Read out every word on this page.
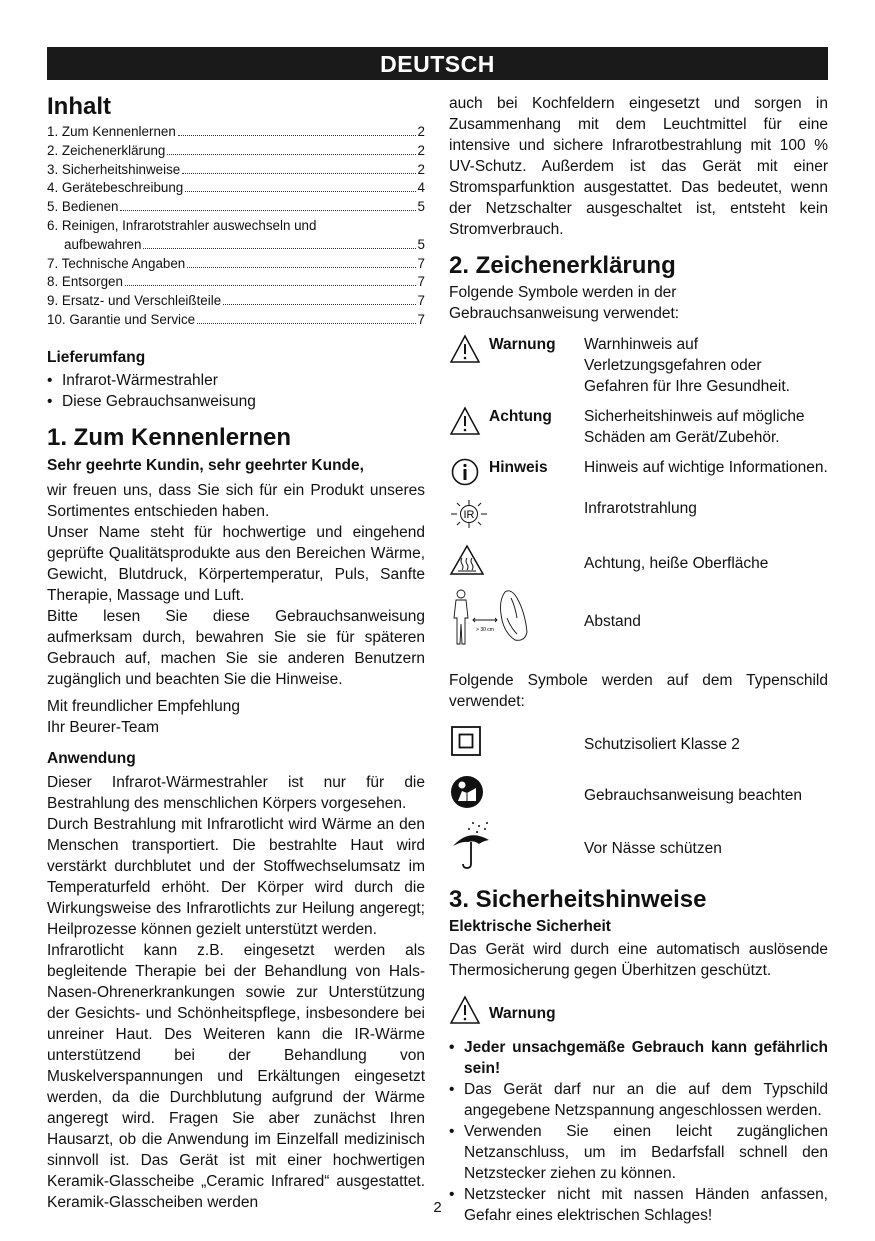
DEUTSCH
Inhalt
1. Zum Kennenlernen	2
2. Zeichenerklärung	2
3. Sicherheitshinweise	2
4. Gerätebeschreibung	4
5. Bedienen	5
6. Reinigen, Infrarotstrahler auswechseln und
aufbewahren	5
7. Technische Angaben	7
8. Entsorgen	7
9. Ersatz- und Verschleißteile	7
10. Garantie und Service	7
Lieferumfang
• Infrarot-Wärmestrahler
• Diese Gebrauchsanweisung
1. Zum Kennenlernen
Sehr geehrte Kundin, sehr geehrter Kunde,

wir freuen uns, dass Sie sich für ein Produkt unseres Sortimentes entschieden haben.

Unser Name steht für hochwertige und eingehend geprüfte Qualitätsprodukte aus den Bereichen Wärme, Gewicht, Blutdruck, Körpertemperatur, Puls, Sanfte Therapie, Massage und Luft.

Bitte lesen Sie diese Gebrauchsanweisung aufmerksam durch, bewahren Sie sie für späteren Gebrauch auf, machen Sie sie anderen Benutzern zugänglich und beachten Sie die Hinweise.

Mit freundlicher Empfehlung

Ihr Beurer-Team

Anwendung

Dieser Infrarot-Wärmestrahler ist nur für die Bestrahlung des menschlichen Körpers vorgesehen.

Durch Bestrahlung mit Infrarotlicht wird Wärme an den Menschen transportiert. Die bestrahlte Haut wird verstärkt durchblutet und der Stoffwechselumsatz im Temperaturfeld erhöht. Der Körper wird durch die Wirkungsweise des Infrarotlichts zur Heilung angeregt; Heilprozesse können gezielt unterstützt werden.

Infrarotlicht kann z.B. eingesetzt werden als begleitende Therapie bei der Behandlung von Hals-Nasen-Ohrenerkrankungen sowie zur Unterstützung der Gesichts- und Schönheitspflege, insbesondere bei unreiner Haut. Des Weiteren kann die IR-Wärme unterstützend bei der Behandlung von Muskelverspannungen und Erkältungen eingesetzt werden, da die Durchblutung aufgrund der Wärme angeregt wird. Fragen Sie aber zunächst Ihren Hausarzt, ob die Anwendung im Einzelfall medizinisch sinnvoll ist. Das Gerät ist mit einer hochwertigen Keramik-Glasscheibe „Ceramic Infrared“ ausgestattet. Keramik-Glasscheiben werden

auch bei Kochfeldern eingesetzt und sorgen in Zusammenhang mit dem Leuchtmittel für eine intensive und sichere Infrarotbestrahlung mit 100 % UV-Schutz. Außerdem ist das Gerät mit einer Stromsparfunktion ausgestattet. Das bedeutet, wenn der Netzschalter ausgeschaltet ist, entsteht kein Stromverbrauch.

2. Zeichenerklärung

Folgende Symbole werden in der Gebrauchsanweisung verwendet:

Warnung	Warnhinweis auf Verletzungsgefahren oder Gefahren für Ihre Gesundheit.
Achtung	Sicherheitshinweis auf mögliche Schäden am Gerät/Zubehör.
Hinweis	Hinweis auf wichtige Informationen.
IR	Infrarotstrahlung
Achtung, heiße Oberfläche
> 30 cm
Abstand

Folgende Symbole werden auf dem Typenschild verwendet:

Schutzisoliert Klasse 2
Gebrauchsanweisung beachten
Vor Nässe schützen
3. Sicherheitshinweise
Elektrische Sicherheit

Das Gerät wird durch eine automatisch auslösende Thermosicherung gegen Überhitzen geschützt.

Warnung
• Jeder unsachgemäße Gebrauch kann gefährlich sein!
• Das Gerät darf nur an die auf dem Typschild angegebene Netzspannung angeschlossen werden.
• Verwenden Sie einen leicht zugänglichen Netzanschluss, um im Bedarfsfall schnell den Netzstecker ziehen zu können.
• Netzstecker nicht mit nassen Händen anfassen, Gefahr eines elektrischen Schlages!
2
